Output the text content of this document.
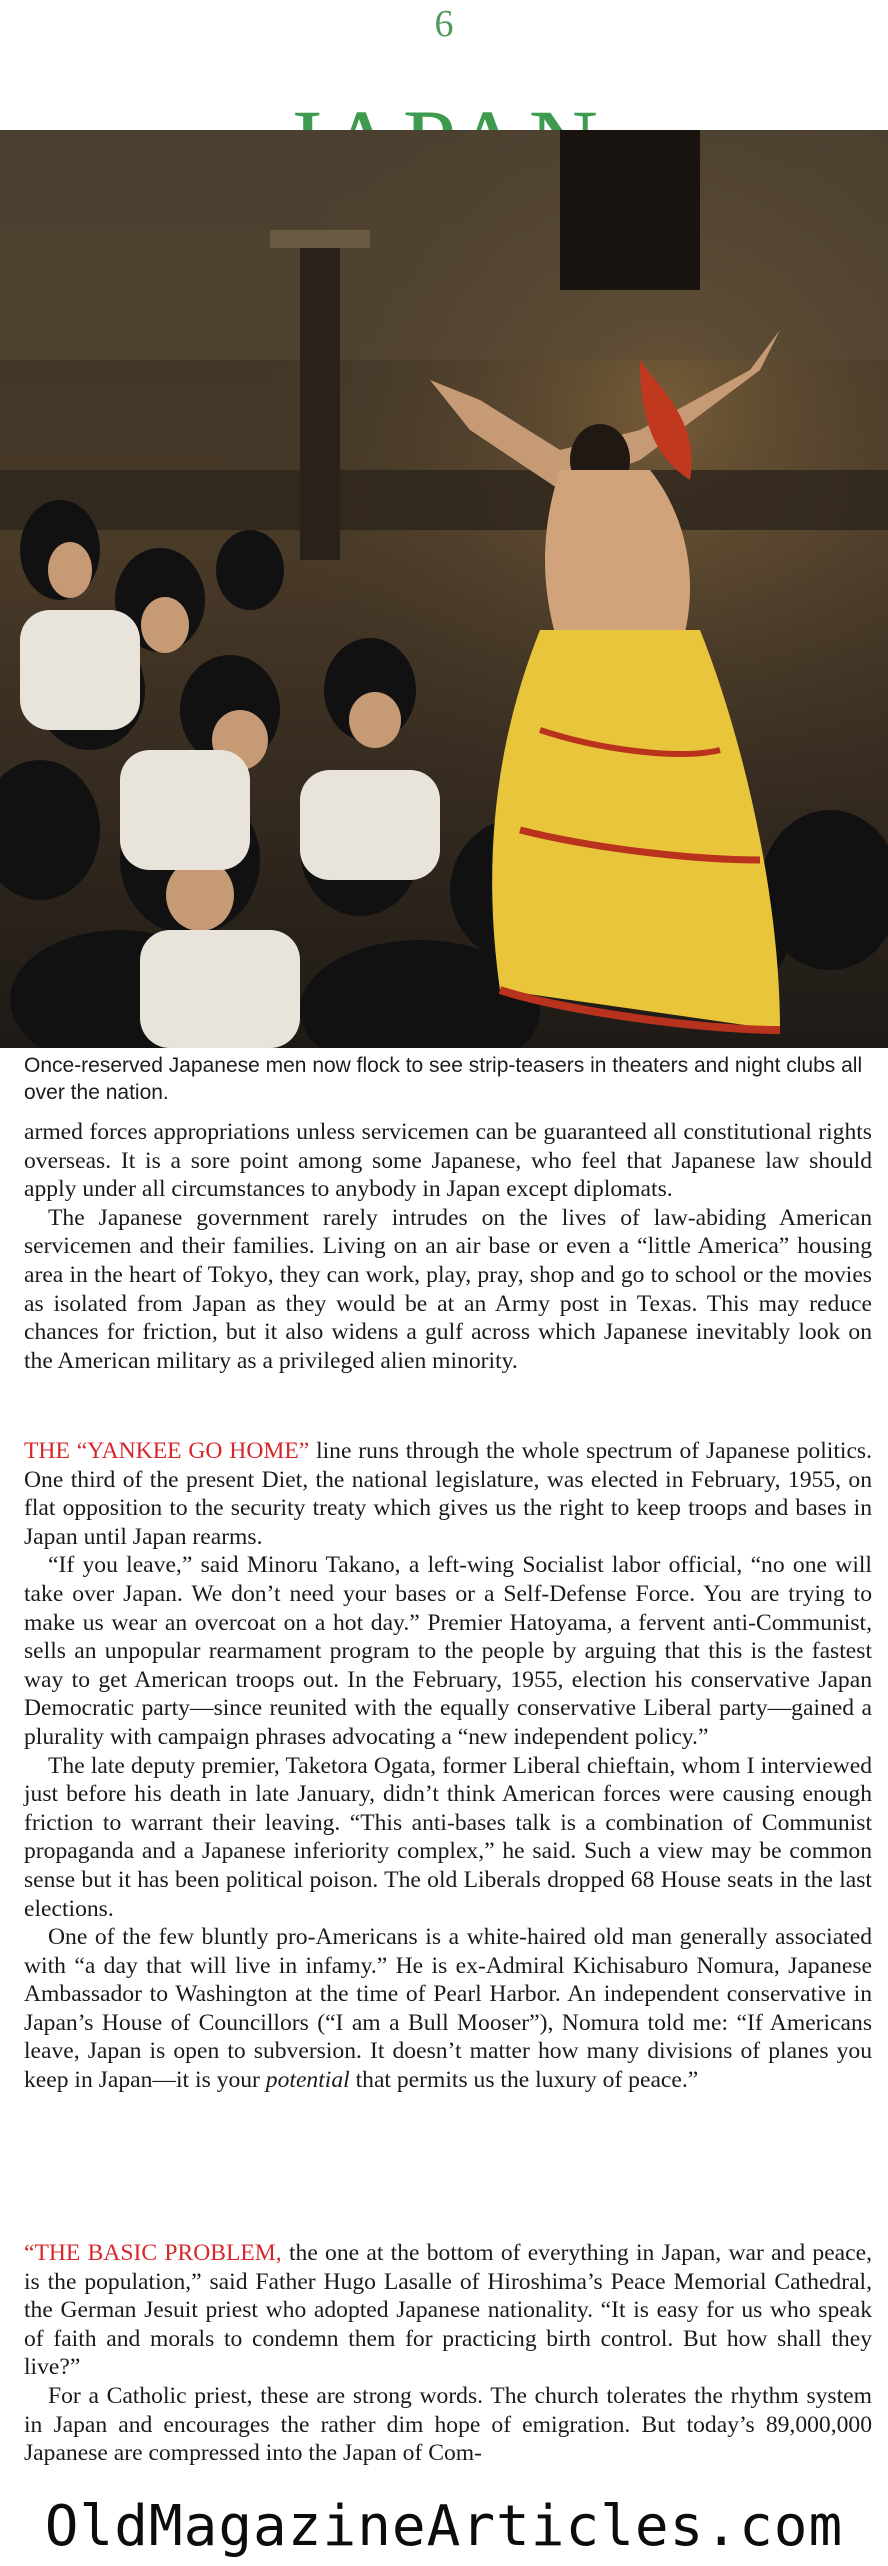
6
Once-reserved Japanese men now flock to see strip-teasers in theaters and night clubs all over the nation.

armed forces appropriations unless servicemen can be guaranteed all constitutional rights overseas. It is a sore point among some Japanese, who feel that Japanese law should apply under all circumstances to anybody in Japan except diplomats.

The Japanese government rarely intrudes on the lives of law-abiding American servicemen and their families. Living on an air base or even a “little America” housing area in the heart of Tokyo, they can work, play, pray, shop and go to school or the movies as isolated from Japan as they would be at an Army post in Texas. This may reduce chances for friction, but it also widens a gulf across which Japanese inevitably look on the American military as a privileged alien minority.

THE “YANKEE GO HOME” line runs through the whole spectrum of Japanese politics. One third of the present Diet, the national legislature, was elected in February, 1955, on flat opposition to the security treaty which gives us the right to keep troops and bases in Japan until Japan rearms.

“If you leave,” said Minoru Takano, a left-wing Socialist labor official, “no one will take over Japan. We don’t need your bases or a Self-Defense Force. You are trying to make us wear an overcoat on a hot day.” Premier Hatoyama, a fervent anti-Communist, sells an unpopular rearmament program to the people by arguing that this is the fastest way to get American troops out. In the February, 1955, election his conservative Japan Democratic party—since reunited with the equally conservative Liberal party—gained a plurality with campaign phrases advocating a “new independent policy.”

The late deputy premier, Taketora Ogata, former Liberal chieftain, whom I interviewed just before his death in late January, didn’t think American forces were causing enough friction to warrant their leaving. “This anti-bases talk is a combination of Communist propaganda and a Japanese inferiority complex,” he said. Such a view may be common sense but it has been political poison. The old Liberals dropped 68 House seats in the last elections.

One of the few bluntly pro-Americans is a white-haired old man generally associated with “a day that will live in infamy.” He is ex-Admiral Kichisaburo Nomura, Japanese Ambassador to Washington at the time of Pearl Harbor. An independent conservative in Japan’s House of Councillors (“I am a Bull Mooser”), Nomura told me: “If Americans leave, Japan is open to subversion. It doesn’t matter how many divisions of planes you keep in Japan—it is your potential that permits us the luxury of peace.”

“THE BASIC PROBLEM, the one at the bottom of everything in Japan, war and peace, is the population,” said Father Hugo Lasalle of Hiroshima’s Peace Memorial Cathedral, the German Jesuit priest who adopted Japanese nationality. “It is easy for us who speak of faith and morals to condemn them for practicing birth control. But how shall they live?”

For a Catholic priest, these are strong words. The church tolerates the rhythm system in Japan and encourages the rather dim hope of emigration. But today’s 89,000,000 Japanese are compressed into the Japan of Com-

OldMagazineArticles.com
